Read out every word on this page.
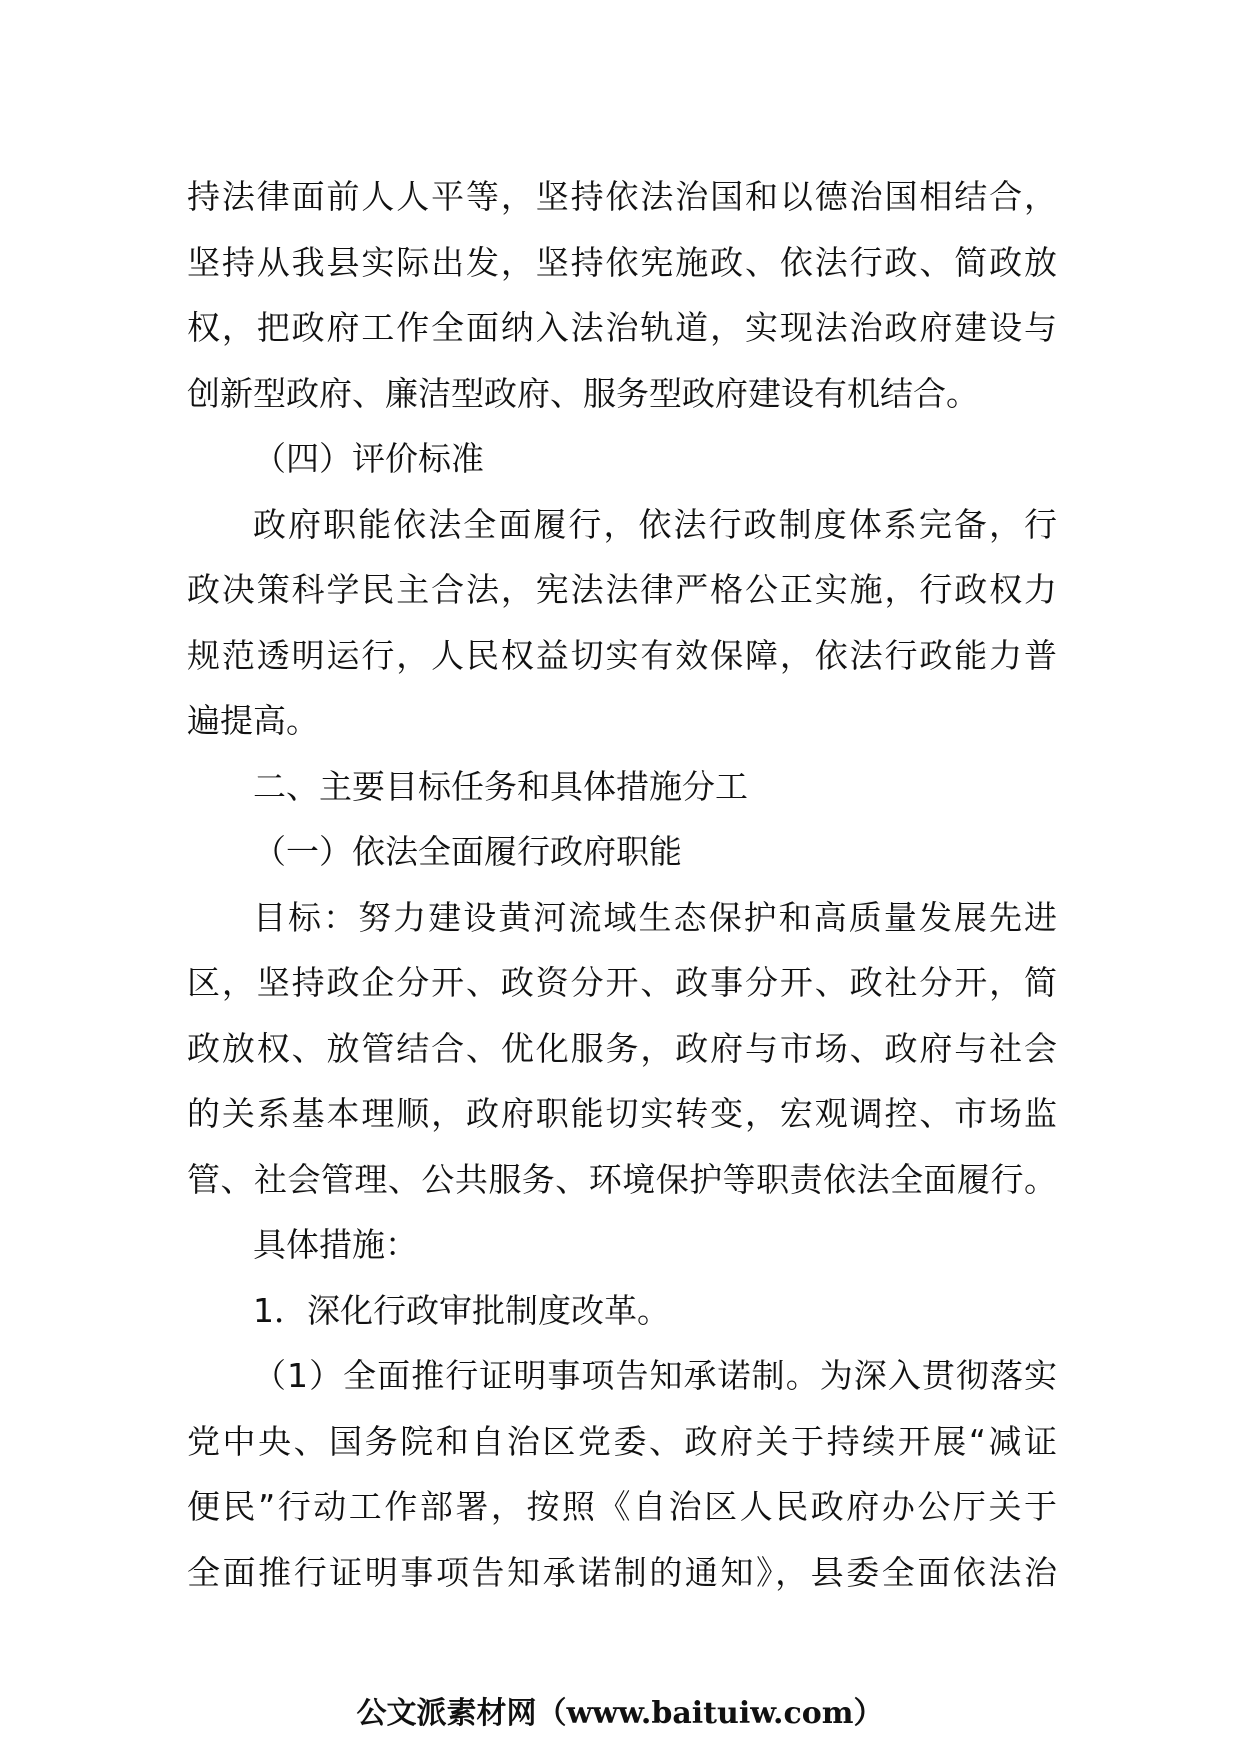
持法律面前人人平等，坚持依法治国和以德治国相结合，
坚持从我县实际出发，坚持依宪施政、依法行政、简政放
权，把政府工作全面纳入法治轨道，实现法治政府建设与
创新型政府、廉洁型政府、服务型政府建设有机结合。
（四）评价标准
政府职能依法全面履行，依法行政制度体系完备，行
政决策科学民主合法，宪法法律严格公正实施，行政权力
规范透明运行，人民权益切实有效保障，依法行政能力普
遍提高。
二、主要目标任务和具体措施分工
（一）依法全面履行政府职能
目标：努力建设黄河流域生态保护和高质量发展先进
区，坚持政企分开、政资分开、政事分开、政社分开，简
政放权、放管结合、优化服务，政府与市场、政府与社会
的关系基本理顺，政府职能切实转变，宏观调控、市场监
管、社会管理、公共服务、环境保护等职责依法全面履行。
具体措施：
1．深化行政审批制度改革。
（1）全面推行证明事项告知承诺制。为深入贯彻落实
党中央、国务院和自治区党委、政府关于持续开展“减证
便民”行动工作部署，按照《自治区人民政府办公厅关于
全面推行证明事项告知承诺制的通知》，县委全面依法治
公文派素材网（www.baituiw.com）
